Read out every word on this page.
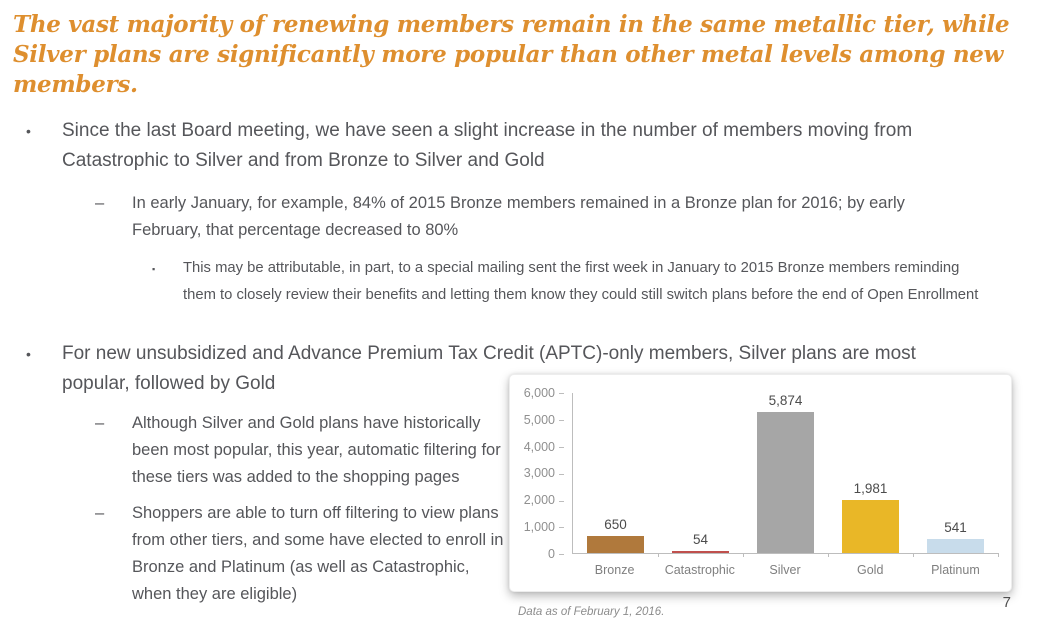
The vast majority of renewing members remain in the same metallic tier, while Silver plans are significantly more popular than other metal levels among new members.
•	Since the last Board meeting, we have seen a slight increase in the number of members moving from Catastrophic to Silver and from Bronze to Silver and Gold
–	In early January, for example, 84% of 2015 Bronze members remained in a Bronze plan for 2016; by early February, that percentage decreased to 80%
▪	This may be attributable, in part, to a special mailing sent the first week in January to 2015 Bronze members reminding them to closely review their benefits and letting them know they could still switch plans before the end of Open Enrollment
•	For new unsubsidized and Advance Premium Tax Credit (APTC)-only members, Silver plans are most popular, followed by Gold
–	Although Silver and Gold plans have historically been most popular, this year, automatic filtering for these tiers was added to the shopping pages
–	Shoppers are able to turn off filtering to view plans from other tiers, and some have elected to enroll in Bronze and Platinum (as well as Catastrophic, when they are eligible)
6,000
5,000
4,000
3,000
2,000
1,000
0
650
54
5,874
1,981
541
Bronze	Catastrophic	Silver	Gold	Platinum
Data as of February 1, 2016.
7
